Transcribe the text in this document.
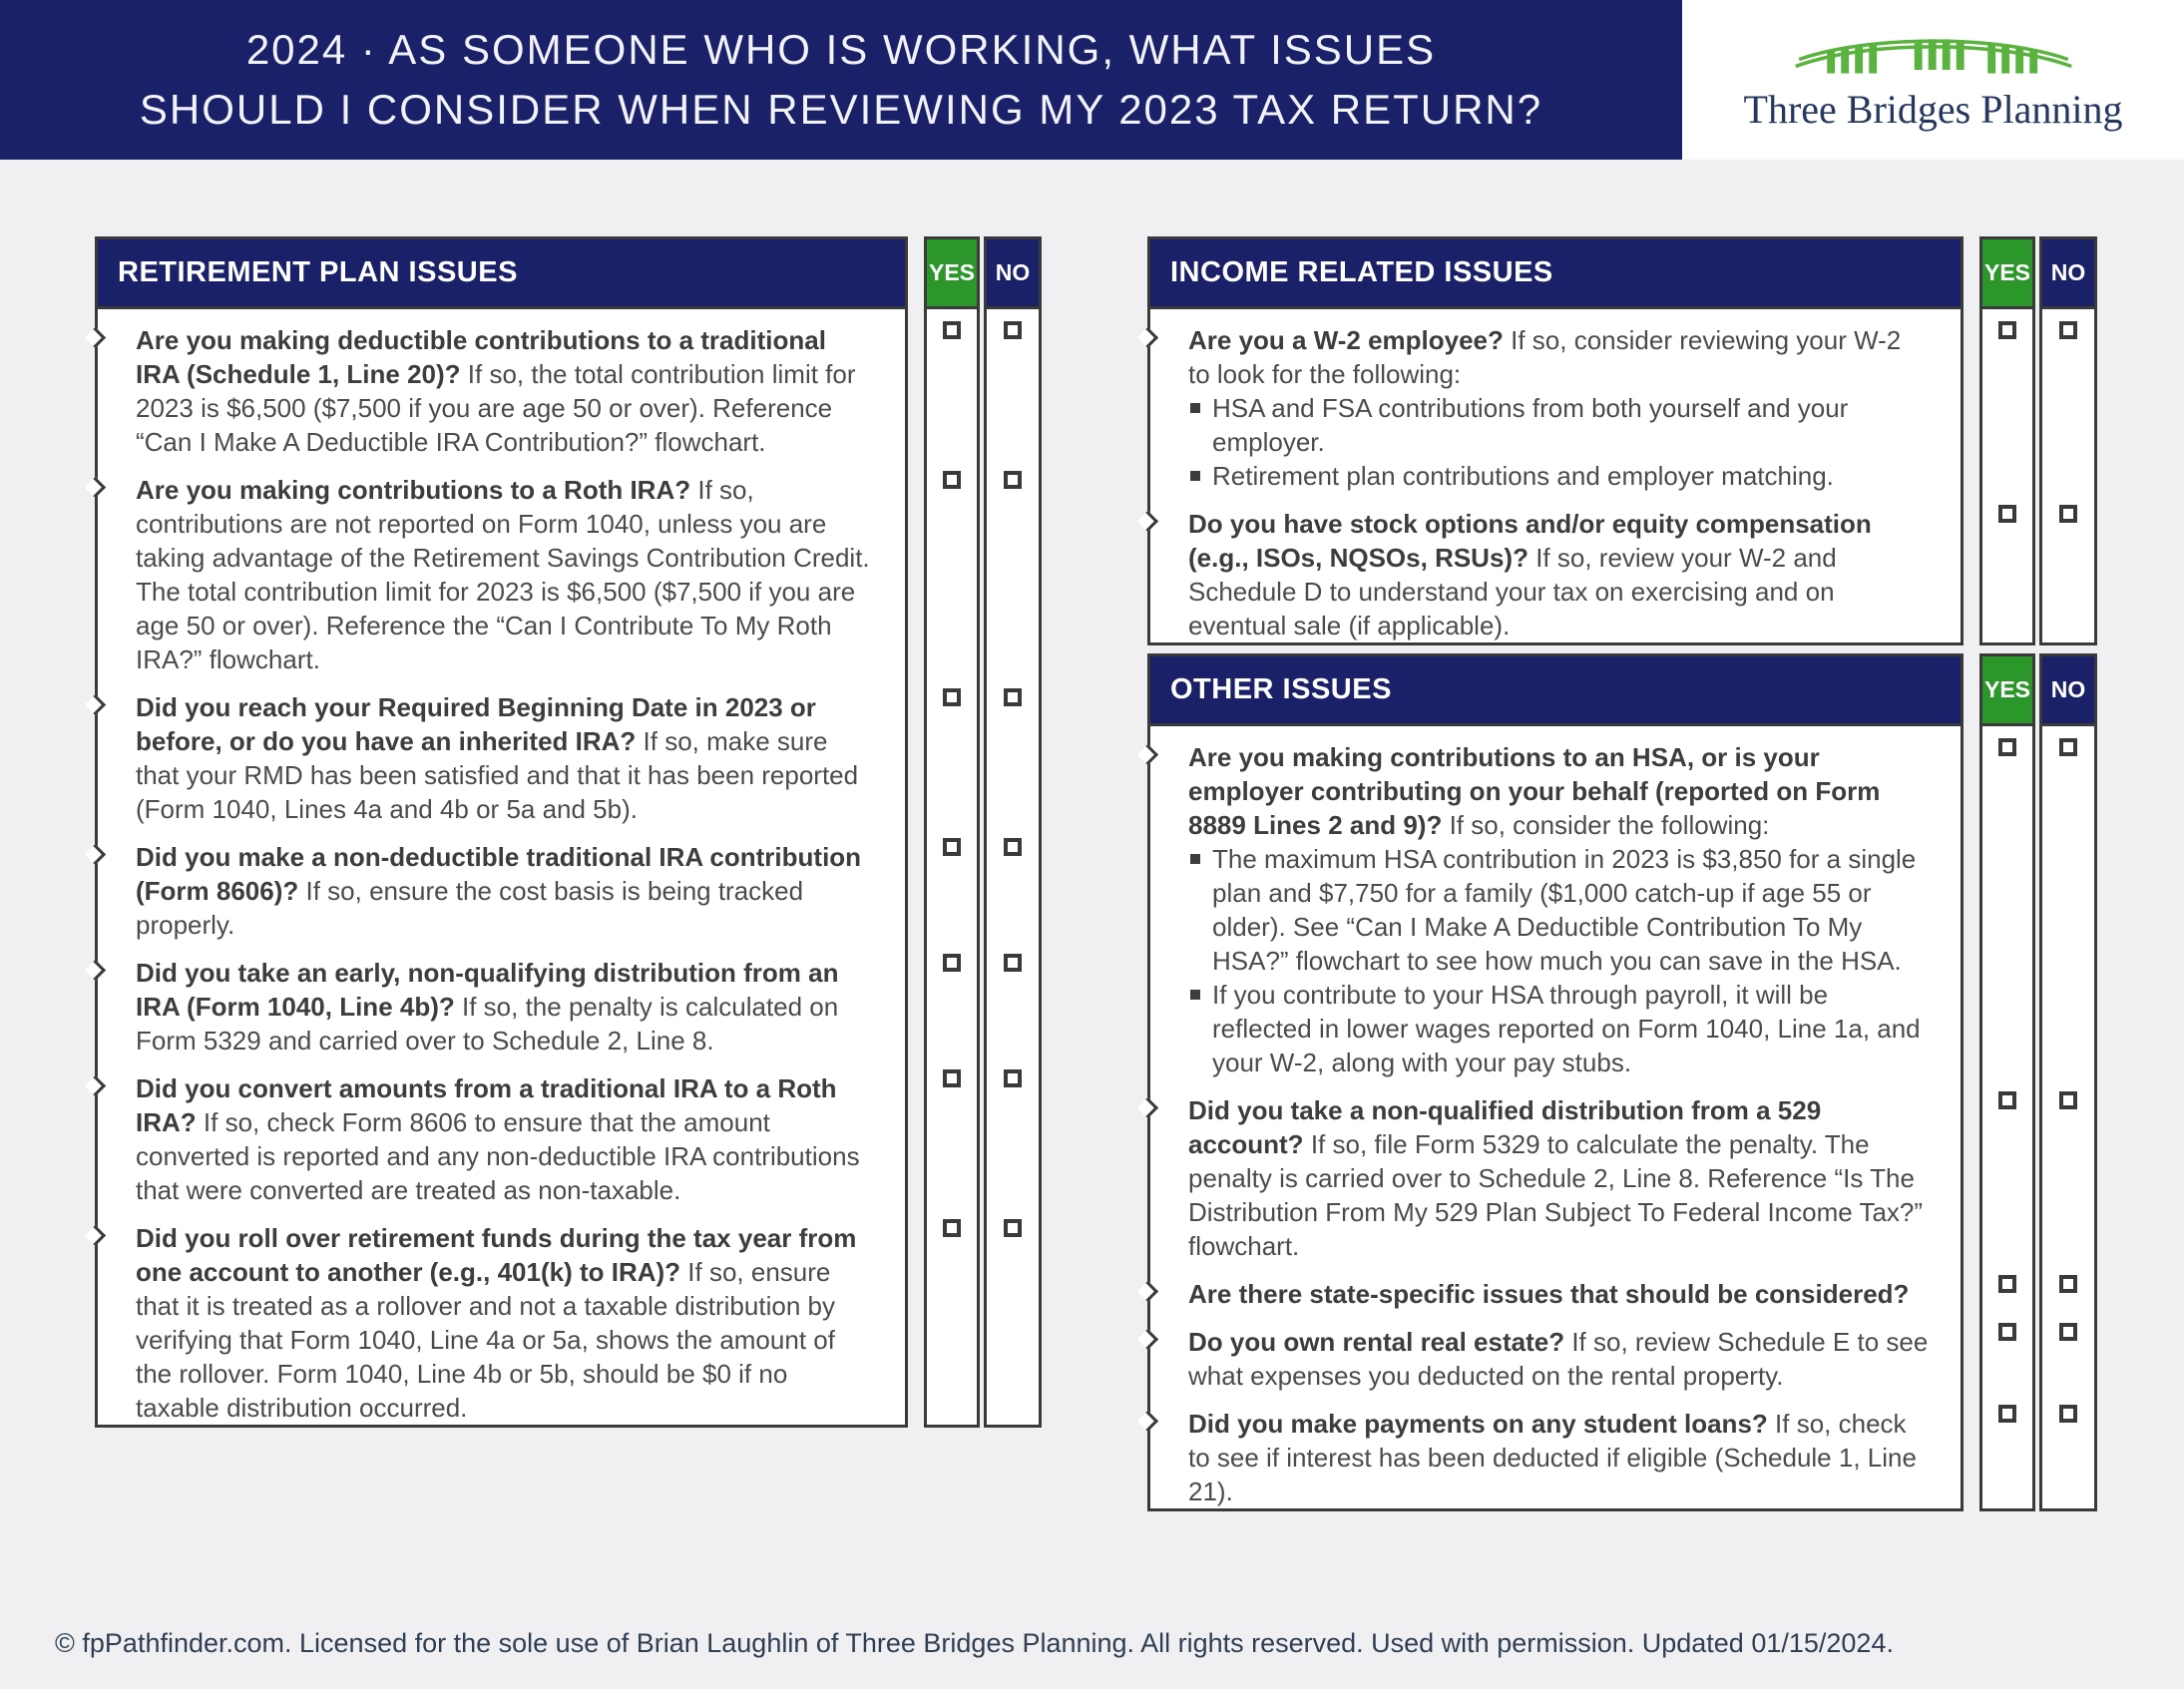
2024 · AS SOMEONE WHO IS WORKING, WHAT ISSUES
SHOULD I CONSIDER WHEN REVIEWING MY 2023 TAX RETURN?	Three Bridges Planning
RETIREMENT PLAN ISSUES	YES NO
Are you making deductible contributions to a traditional IRA (Schedule 1, Line 20)? If so, the total contribution limit for 2023 is $6,500 ($7,500 if you are age 50 or over). Reference “Can I Make A Deductible IRA Contribution?” flowchart.
Are you making contributions to a Roth IRA? If so, contributions are not reported on Form 1040, unless you are taking advantage of the Retirement Savings Contribution Credit. The total contribution limit for 2023 is $6,500 ($7,500 if you are age 50 or over). Reference the “Can I Contribute To My Roth IRA?” flowchart.
Did you reach your Required Beginning Date in 2023 or before, or do you have an inherited IRA? If so, make sure that your RMD has been satisfied and that it has been reported (Form 1040, Lines 4a and 4b or 5a and 5b).
Did you make a non-deductible traditional IRA contribution (Form 8606)? If so, ensure the cost basis is being tracked properly.
Did you take an early, non-qualifying distribution from an IRA (Form 1040, Line 4b)? If so, the penalty is calculated on Form 5329 and carried over to Schedule 2, Line 8.
Did you convert amounts from a traditional IRA to a Roth IRA? If so, check Form 8606 to ensure that the amount converted is reported and any non-deductible IRA contributions that were converted are treated as non-taxable.
Did you roll over retirement funds during the tax year from one account to another (e.g., 401(k) to IRA)? If so, ensure that it is treated as a rollover and not a taxable distribution by verifying that Form 1040, Line 4a or 5a, shows the amount of the rollover. Form 1040, Line 4b or 5b, should be $0 if no taxable distribution occurred.
INCOME RELATED ISSUES	YES NO
Are you a W-2 employee? If so, consider reviewing your W-2 to look for the following:
HSA and FSA contributions from both yourself and your employer.
Retirement plan contributions and employer matching.
Do you have stock options and/or equity compensation (e.g., ISOs, NQSOs, RSUs)? If so, review your W-2 and Schedule D to understand your tax on exercising and on eventual sale (if applicable).
OTHER ISSUES	YES NO
Are you making contributions to an HSA, or is your employer contributing on your behalf (reported on Form 8889 Lines 2 and 9)? If so, consider the following:
The maximum HSA contribution in 2023 is $3,850 for a single plan and $7,750 for a family ($1,000 catch-up if age 55 or older). See “Can I Make A Deductible Contribution To My HSA?” flowchart to see how much you can save in the HSA.
If you contribute to your HSA through payroll, it will be reflected in lower wages reported on Form 1040, Line 1a, and your W-2, along with your pay stubs.
Did you take a non-qualified distribution from a 529 account? If so, file Form 5329 to calculate the penalty. The penalty is carried over to Schedule 2, Line 8. Reference “Is The Distribution From My 529 Plan Subject To Federal Income Tax?” flowchart.
Are there state-specific issues that should be considered?
Do you own rental real estate? If so, review Schedule E to see what expenses you deducted on the rental property.
Did you make payments on any student loans? If so, check to see if interest has been deducted if eligible (Schedule 1, Line 21).
© fpPathfinder.com. Licensed for the sole use of Brian Laughlin of Three Bridges Planning. All rights reserved. Used with permission. Updated 01/15/2024.
